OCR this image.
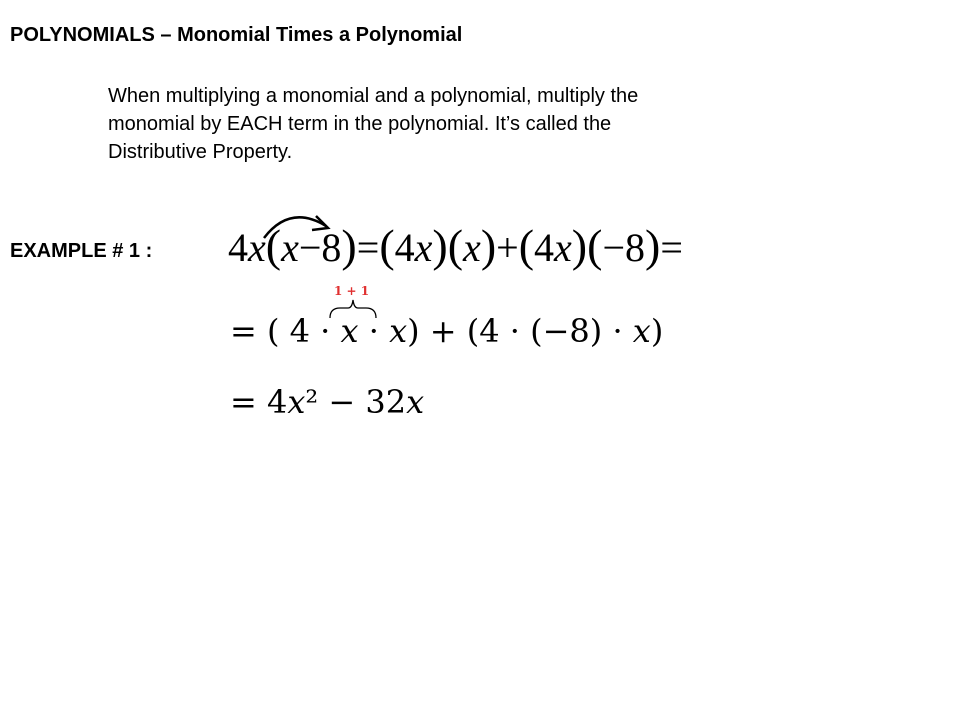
POLYNOMIALS – Monomial Times a Polynomial
When multiplying a monomial and a polynomial, multiply the
monomial by EACH term in the polynomial. It’s called the
Distributive Property.
EXAMPLE # 1 : 4x(x−8)=(4x)(x)+(4x)(−8)=
1 + 1
= ( 4 · x · x) + (4 · (−8) · x)
= 4x² − 32x
